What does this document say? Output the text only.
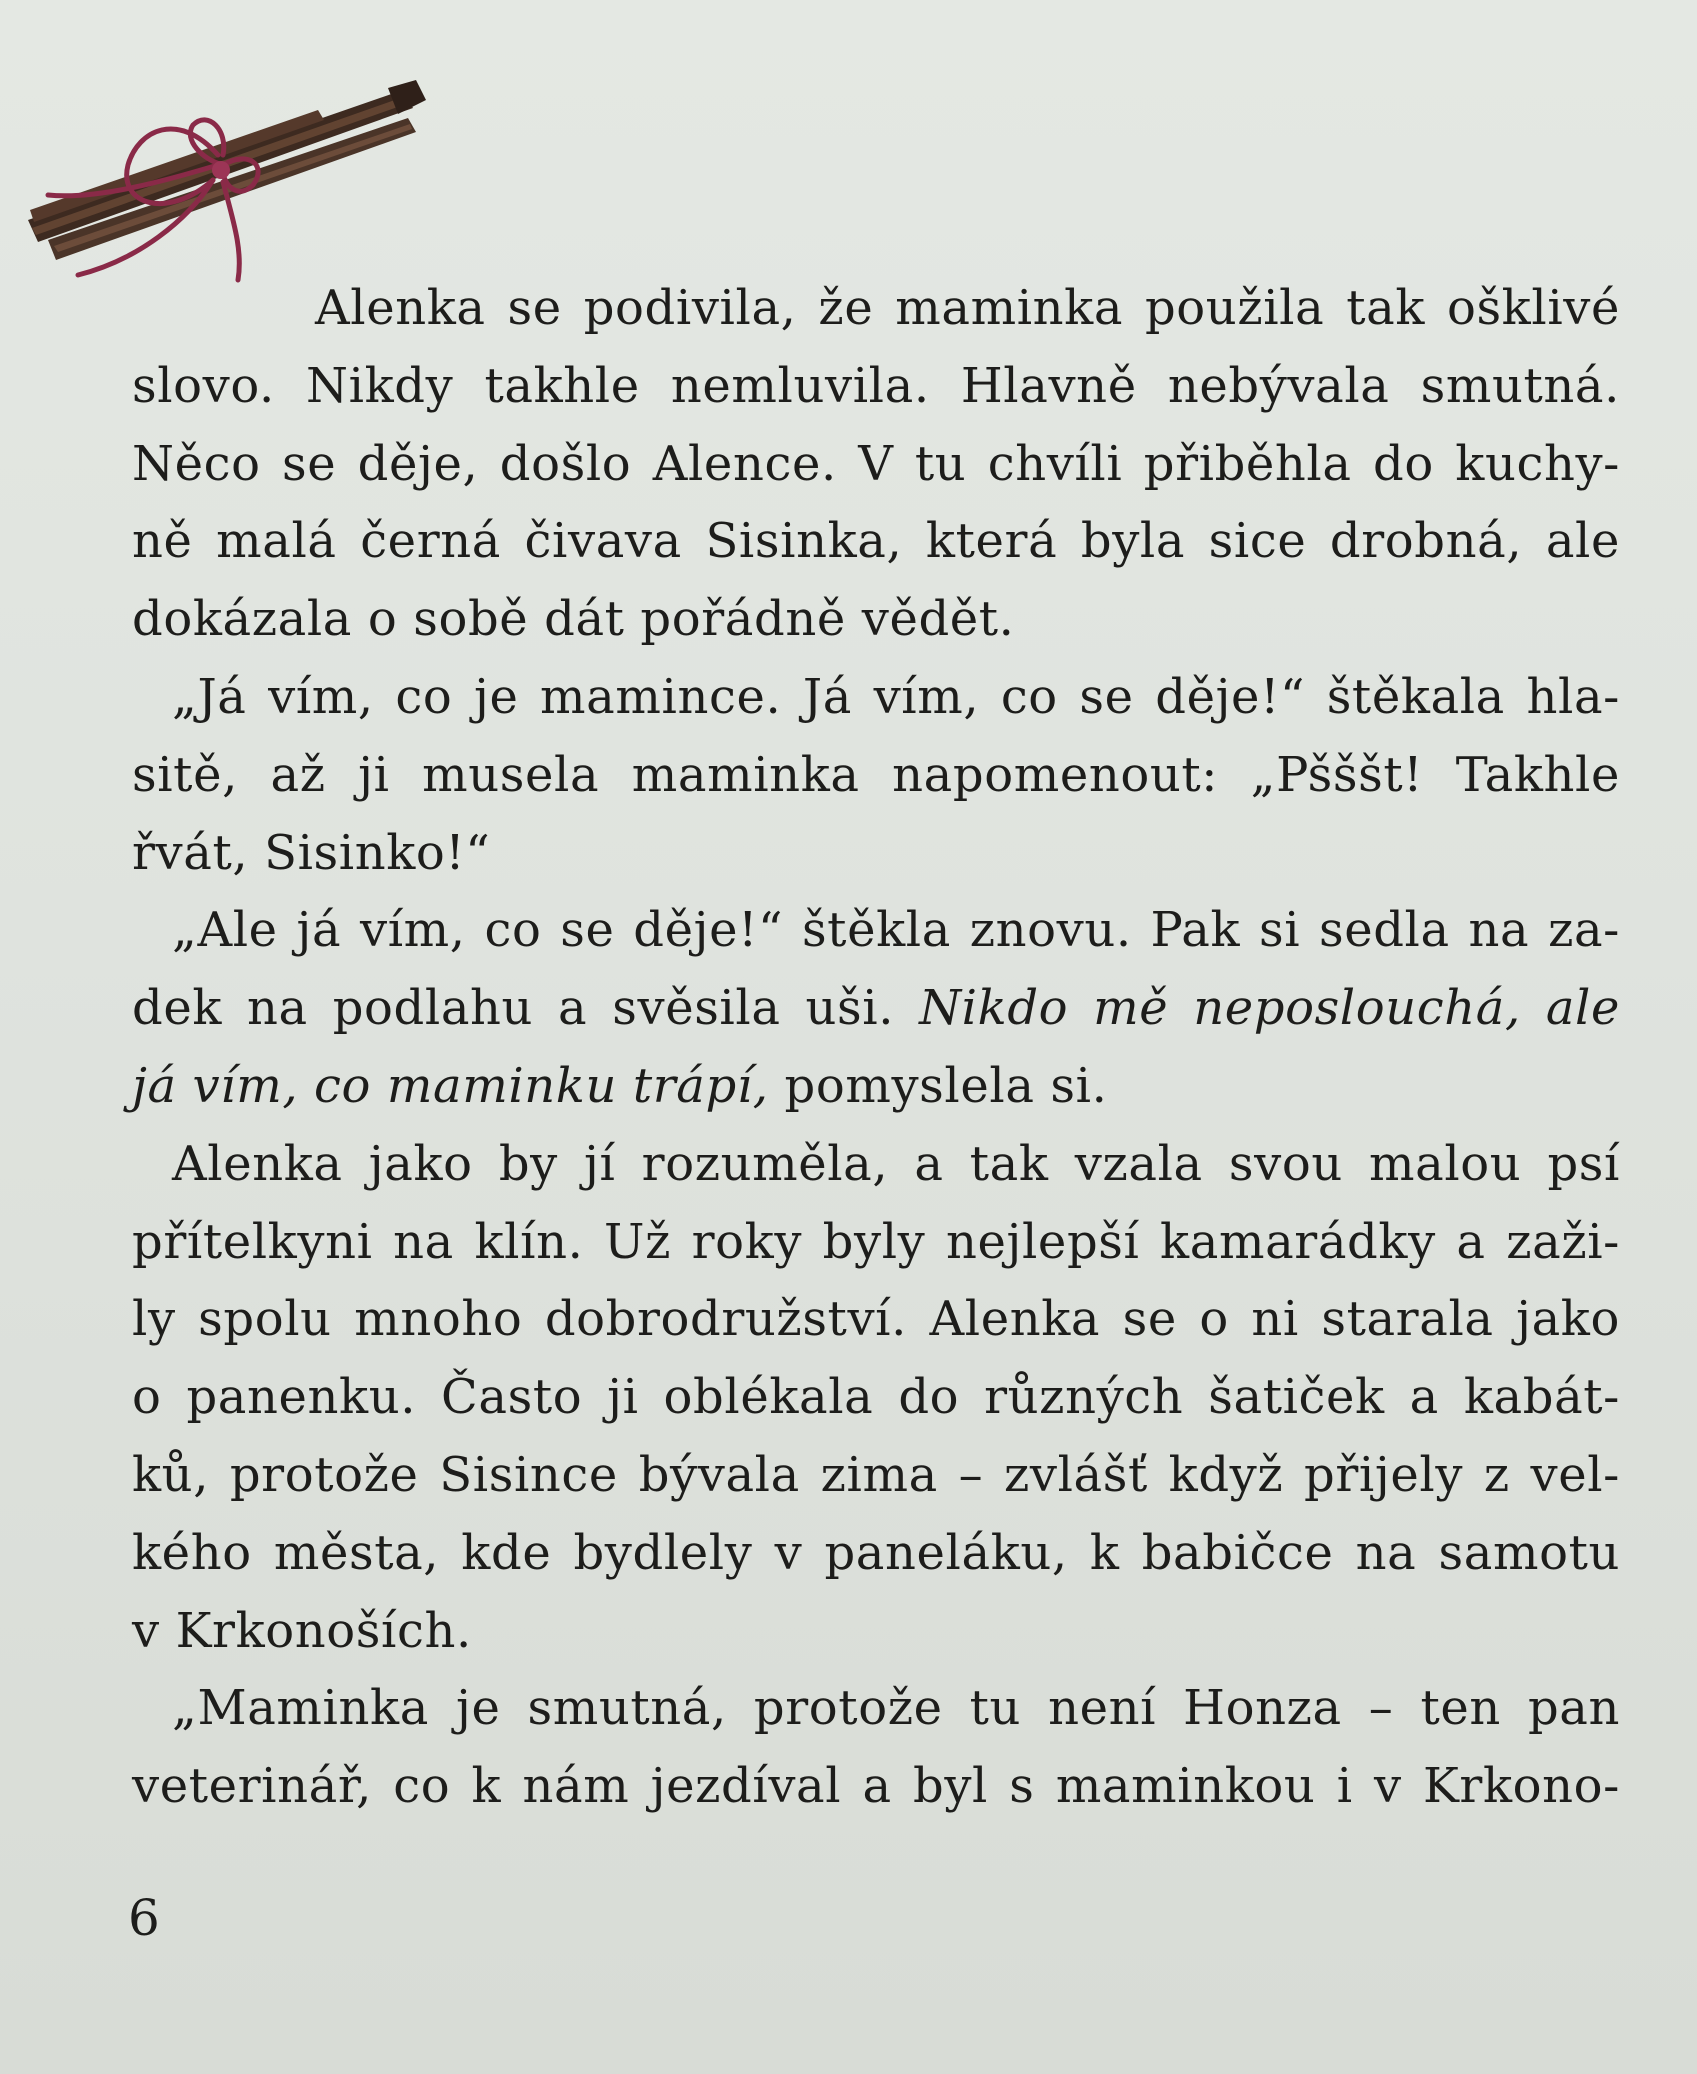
Alenka se podivila, že maminka použila tak ošklivé
slovo. Nikdy takhle nemluvila. Hlavně nebývala smutná.
Něco se děje, došlo Alence. V tu chvíli přiběhla do kuchy-
ně malá černá čivava Sisinka, která byla sice drobná, ale
dokázala o sobě dát pořádně vědět.
„Já vím, co je mamince. Já vím, co se děje!“ štěkala hla-
sitě, až ji musela maminka napomenout: „Pšššt! Takhle
řvát, Sisinko!“
„Ale já vím, co se děje!“ štěkla znovu. Pak si sedla na za-
dek na podlahu a svěsila uši. Nikdo mě neposlouchá, ale
já vím, co maminku trápí, pomyslela si.
Alenka jako by jí rozuměla, a tak vzala svou malou psí
přítelkyni na klín. Už roky byly nejlepší kamarádky a zaži-
ly spolu mnoho dobrodružství. Alenka se o ni starala jako
o panenku. Často ji oblékala do různých šatiček a kabát-
ků, protože Sisince bývala zima – zvlášť když přijely z vel-
kého města, kde bydlely v paneláku, k babičce na samotu
v Krkonoších.
„Maminka je smutná, protože tu není Honza – ten pan
veterinář, co k nám jezdíval a byl s maminkou i v Krkono-
6
